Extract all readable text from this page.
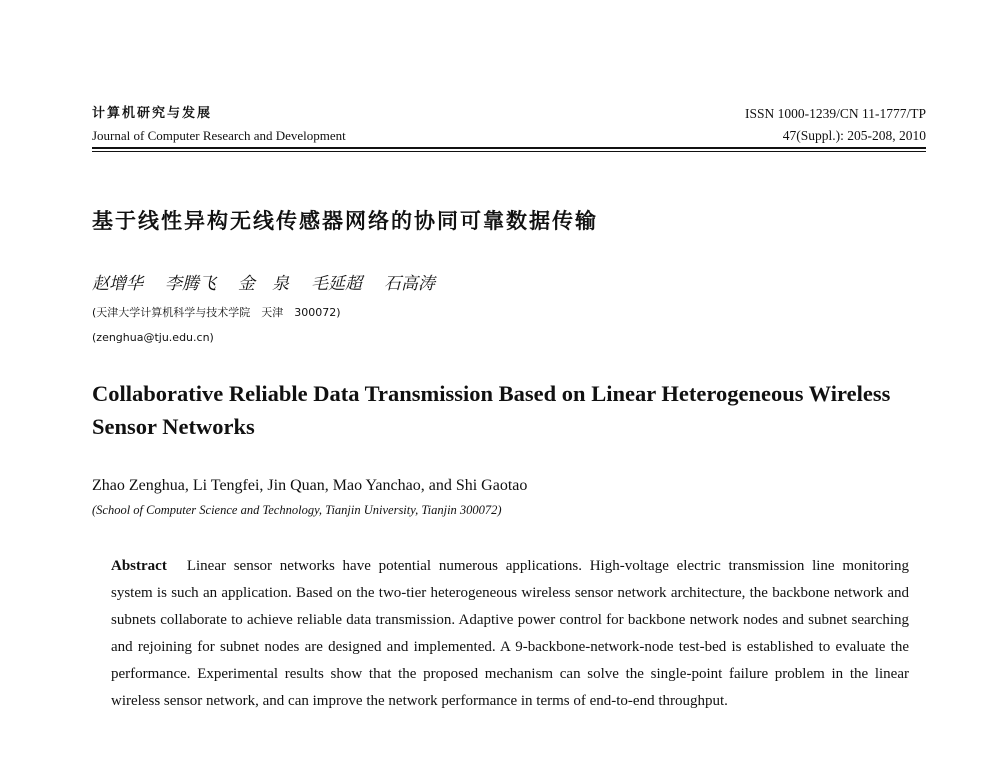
计算机研究与发展
Journal of Computer Research and Development
ISSN 1000-1239/CN 11-1777/TP
47(Suppl.): 205-208, 2010
基于线性异构无线传感器网络的协同可靠数据传输
赵增华 李腾飞 金　泉 毛延超 石高涛
(天津大学计算机科学与技术学院　天津　300072)
(zenghua@tju.edu.cn)
Collaborative Reliable Data Transmission Based on Linear Heterogeneous Wireless Sensor Networks
Zhao Zenghua, Li Tengfei, Jin Quan, Mao Yanchao, and Shi Gaotao
(School of Computer Science and Technology, Tianjin University, Tianjin 300072)
Abstract Linear sensor networks have potential numerous applications. High-voltage electric transmission line monitoring system is such an application. Based on the two-tier heterogeneous wireless sensor network architecture, the backbone network and subnets collaborate to achieve reliable data transmission. Adaptive power control for backbone network nodes and subnet searching and rejoining for subnet nodes are designed and implemented. A 9-backbone-network-node test-bed is established to evaluate the performance. Experimental results show that the proposed mechanism can solve the single-point failure problem in the linear wireless sensor network, and can improve the network performance in terms of end-to-end throughput.
